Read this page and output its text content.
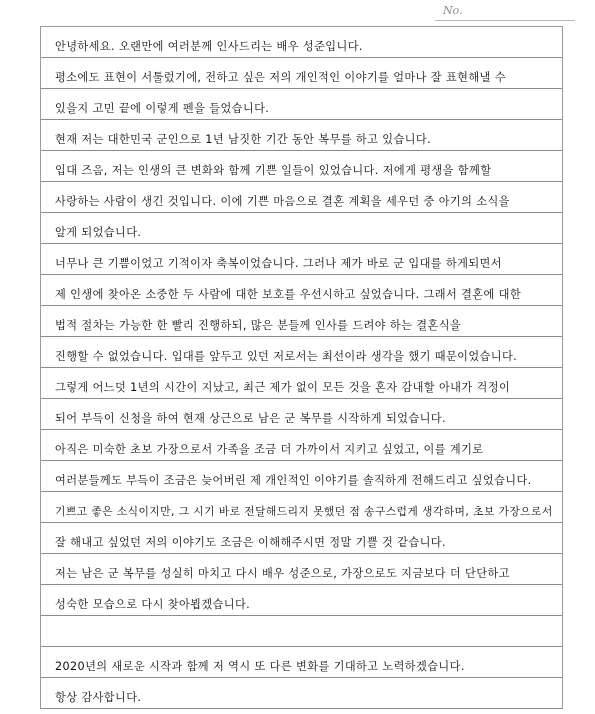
No.
안녕하세요. 오랜만에 여러분께 인사드리는 배우 성준입니다.
평소에도 표현이 서툴렀기에, 전하고 싶은 저의 개인적인 이야기를 얼마나 잘 표현해낼 수
있을지 고민 끝에 이렇게 펜을 들었습니다.
현재 저는 대한민국 군인으로 1년 남짓한 기간 동안 복무를 하고 있습니다.
입대 즈음, 저는 인생의 큰 변화와 함께 기쁜 일들이 있었습니다. 저에게 평생을 함께할
사랑하는 사람이 생긴 것입니다. 이에 기쁜 마음으로 결혼 계획을 세우던 중 아기의 소식을
알게 되었습니다.
너무나 큰 기쁨이었고 기적이자 축복이었습니다. 그러나 제가 바로 군 입대를 하게되면서
제 인생에 찾아온 소중한 두 사람에 대한 보호를 우선시하고 싶었습니다. 그래서 결혼에 대한
법적 절차는 가능한 한 빨리 진행하되, 많은 분들께 인사를 드려야 하는 결혼식을
진행할 수 없었습니다. 입대를 앞두고 있던 저로서는 최선이라 생각을 했기 때문이었습니다.
그렇게 어느덧 1년의 시간이 지났고, 최근 제가 없이 모든 것을 혼자 감내할 아내가 걱정이
되어 부득이 신청을 하여 현재 상근으로 남은 군 복무를 시작하게 되었습니다.
아직은 미숙한 초보 가장으로서 가족을 조금 더 가까이서 지키고 싶었고, 이를 계기로
여러분들께도 부득이 조금은 늦어버린 제 개인적인 이야기를 솔직하게 전해드리고 싶었습니다.
기쁘고 좋은 소식이지만, 그 시기 바로 전달해드리지 못했던 점 송구스럽게 생각하며, 초보 가장으로서
잘 해내고 싶었던 저의 이야기도 조금은 이해해주시면 정말 기쁠 것 같습니다.
저는 남은 군 복무를 성실히 마치고 다시 배우 성준으로, 가장으로도 지금보다 더 단단하고
성숙한 모습으로 다시 찾아뵙겠습니다.
2020년의 새로운 시작과 함께 저 역시 또 다른 변화를 기대하고 노력하겠습니다.
항상 감사합니다.
